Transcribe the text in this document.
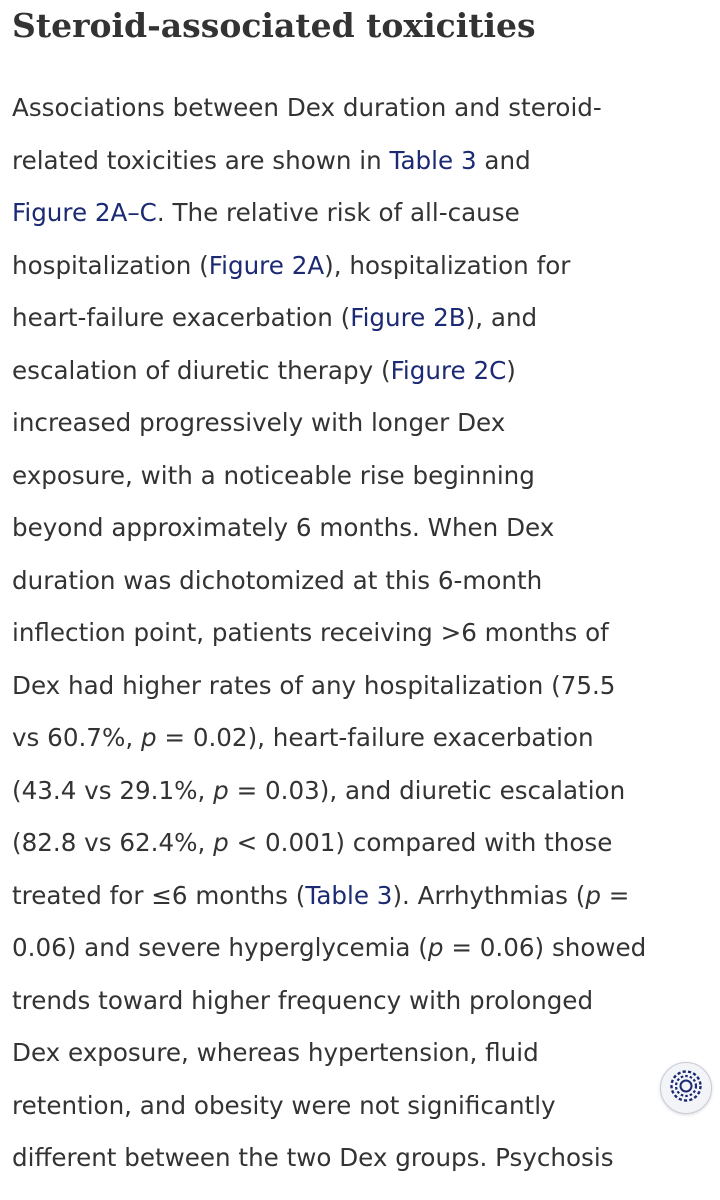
Steroid-associated toxicities
Associations between Dex duration and steroid-
related toxicities are shown in Table 3 and
Figure 2A–C. The relative risk of all-cause
hospitalization (Figure 2A), hospitalization for
heart-failure exacerbation (Figure 2B), and
escalation of diuretic therapy (Figure 2C)
increased progressively with longer Dex
exposure, with a noticeable rise beginning
beyond approximately 6 months. When Dex
duration was dichotomized at this 6-month
inflection point, patients receiving >6 months of
Dex had higher rates of any hospitalization (75.5
vs 60.7%, p = 0.02), heart-failure exacerbation
(43.4 vs 29.1%, p = 0.03), and diuretic escalation
(82.8 vs 62.4%, p < 0.001) compared with those
treated for ≤6 months (Table 3). Arrhythmias (p =
0.06) and severe hyperglycemia (p = 0.06) showed
trends toward higher frequency with prolonged
Dex exposure, whereas hypertension, fluid
retention, and obesity were not significantly
different between the two Dex groups. Psychosis
